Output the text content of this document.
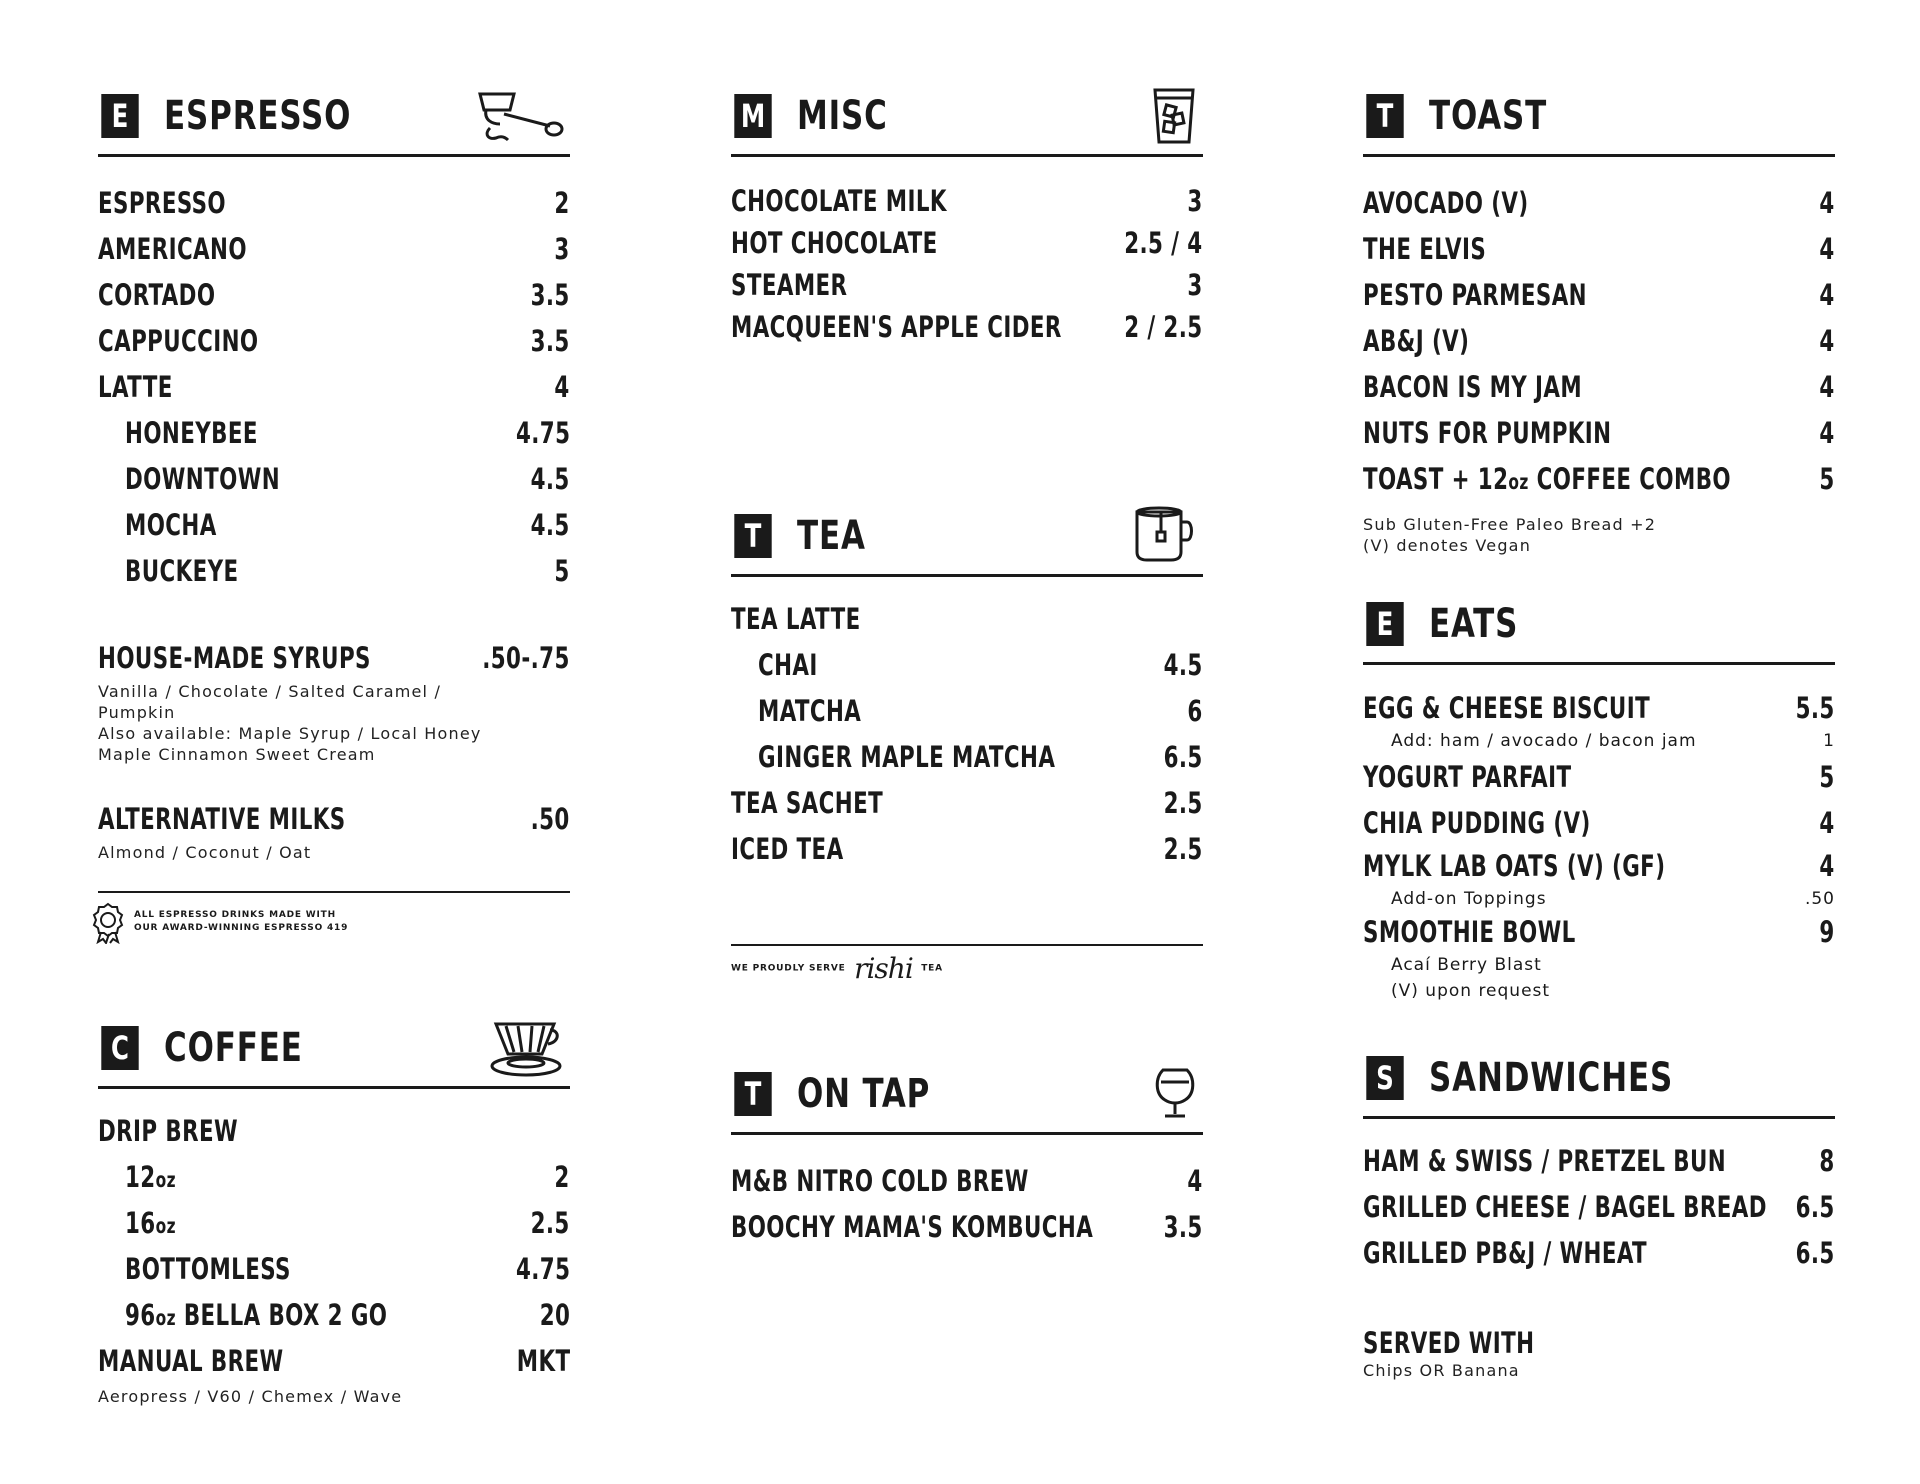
E ESPRESSO
ESPRESSO	2
AMERICANO	3
CORTADO	3.5
CAPPUCCINO	3.5
LATTE	4
HONEYBEE	4.75
DOWNTOWN	4.5
MOCHA	4.5
BUCKEYE	5
HOUSE-MADE SYRUPS	.50-.75
Vanilla / Chocolate / Salted Caramel /
Pumpkin
Also available: Maple Syrup / Local Honey
Maple Cinnamon Sweet Cream
ALTERNATIVE MILKS	.50
Almond / Coconut / Oat
ALL ESPRESSO DRINKS MADE WITH
OUR AWARD-WINNING ESPRESSO 419
C COFFEE
DRIP BREW
12oz	2
16oz	2.5
BOTTOMLESS	4.75
96oz BELLA BOX 2 GO	20
MANUAL BREW	MKT
Aeropress / V60 / Chemex / Wave
M MISC
CHOCOLATE MILK	3
HOT CHOCOLATE	2.5 / 4
STEAMER	3
MACQUEEN'S APPLE CIDER 2 / 2.5
T TEA
TEA LATTE
CHAI	4.5
MATCHA	6
GINGER MAPLE MATCHA	6.5
TEA SACHET	2.5
ICED TEA	2.5
WE PROUDLY SERVE rishi TEA
T ON TAP
M&B NITRO COLD BREW	4
BOOCHY MAMA'S KOMBUCHA 3.5
T TOAST
AVOCADO (V)	4
THE ELVIS	4
PESTO PARMESAN	4
AB&J (V)	4
BACON IS MY JAM	4
NUTS FOR PUMPKIN	4
TOAST + 12oz COFFEE COMBO	5
Sub Gluten-Free Paleo Bread +2
(V) denotes Vegan
E EATS
EGG & CHEESE BISCUIT	5.5
Add: ham / avocado / bacon jam	1
YOGURT PARFAIT	5
CHIA PUDDING (V)	4
MYLK LAB OATS (V) (GF)	4
Add-on Toppings	.50
SMOOTHIE BOWL	9
Acaí Berry Blast
(V) upon request
S SANDWICHES
HAM & SWISS / PRETZEL BUN	8
GRILLED CHEESE / BAGEL BREAD 6.5
GRILLED PB&J / WHEAT	6.5
SERVED WITH
Chips OR Banana
